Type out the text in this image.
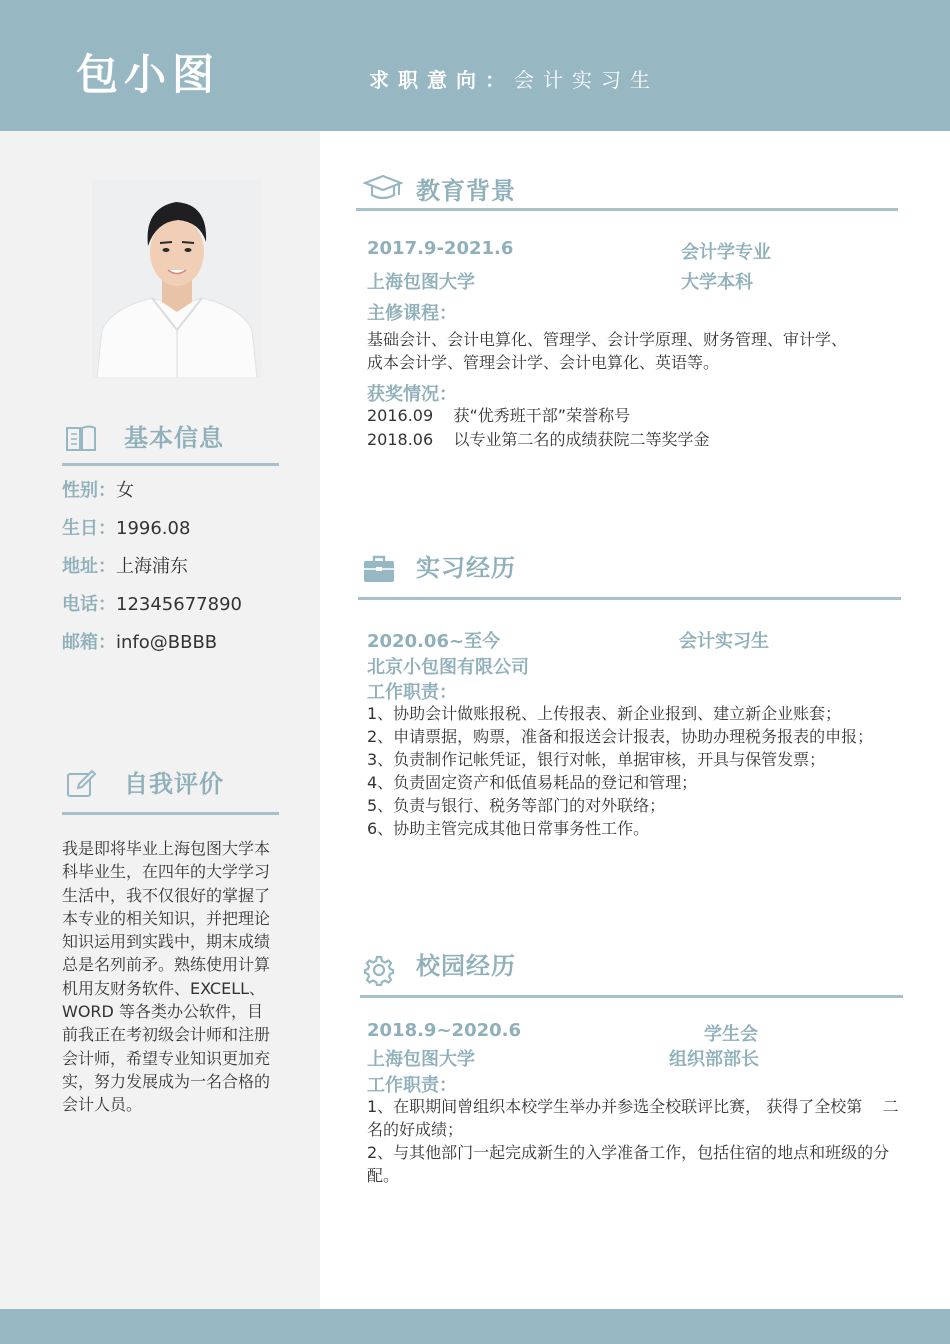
包小图	求职意向：会计实习生
基本信息
性别：女
生日：1996.08
地址：上海浦东
电话：12345677890
邮箱：info@BBBB
自我评价
我是即将毕业上海包图大学本科毕业生，在四年的大学学习生活中，我不仅很好的掌握了本专业的相关知识，并把理论知识运用到实践中，期末成绩总是名列前矛。熟练使用计算机用友财务软件、EXCELL、WORD 等各类办公软件，目前我正在考初级会计师和注册会计师，希望专业知识更加充实，努力发展成为一名合格的会计人员。
教育背景
2017.9-2021.6	会计学专业
上海包图大学	大学本科
主修课程：
基础会计、会计电算化、管理学、会计学原理、财务管理、审计学、
成本会计学、管理会计学、会计电算化、英语等。
获奖情况：
2016.09    获“优秀班干部”荣誉称号
2018.06    以专业第二名的成绩获院二等奖学金
实习经历
2020.06~至今	会计实习生
北京小包图有限公司
工作职责：
1、协助会计做账报税、上传报表、新企业报到、建立新企业账套；
2、申请票据，购票，准备和报送会计报表，协助办理税务报表的申报；
3、负责制作记帐凭证，银行对帐，单据审核，开具与保管发票；
4、负责固定资产和低值易耗品的登记和管理；
5、负责与银行、税务等部门的对外联络；
6、协助主管完成其他日常事务性工作。
校园经历
2018.9~2020.6	学生会
上海包图大学	组织部部长
工作职责：
1、在职期间曾组织本校学生举办并参选全校联评比赛， 获得了全校第    二名的好成绩；
2、与其他部门一起完成新生的入学准备工作，包括住宿的地点和班级的分配。
